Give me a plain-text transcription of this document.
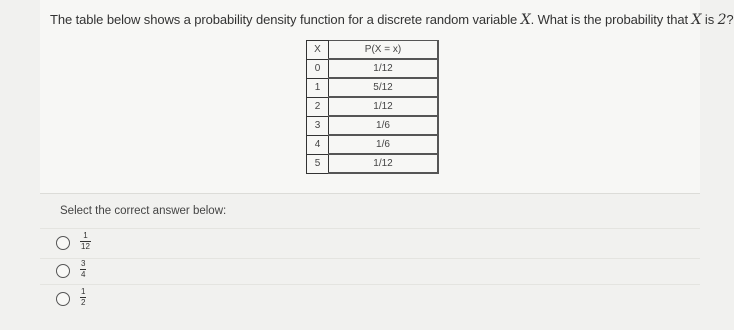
The table below shows a probability density function for a discrete random variable X. What is the probability that X is 2?
X	P(X = x)
0	1/12
1	5/12
2	1/12
3	1/6
4	1/6
5	1/12
Select the correct answer below:
1
12
3
4
1
2
